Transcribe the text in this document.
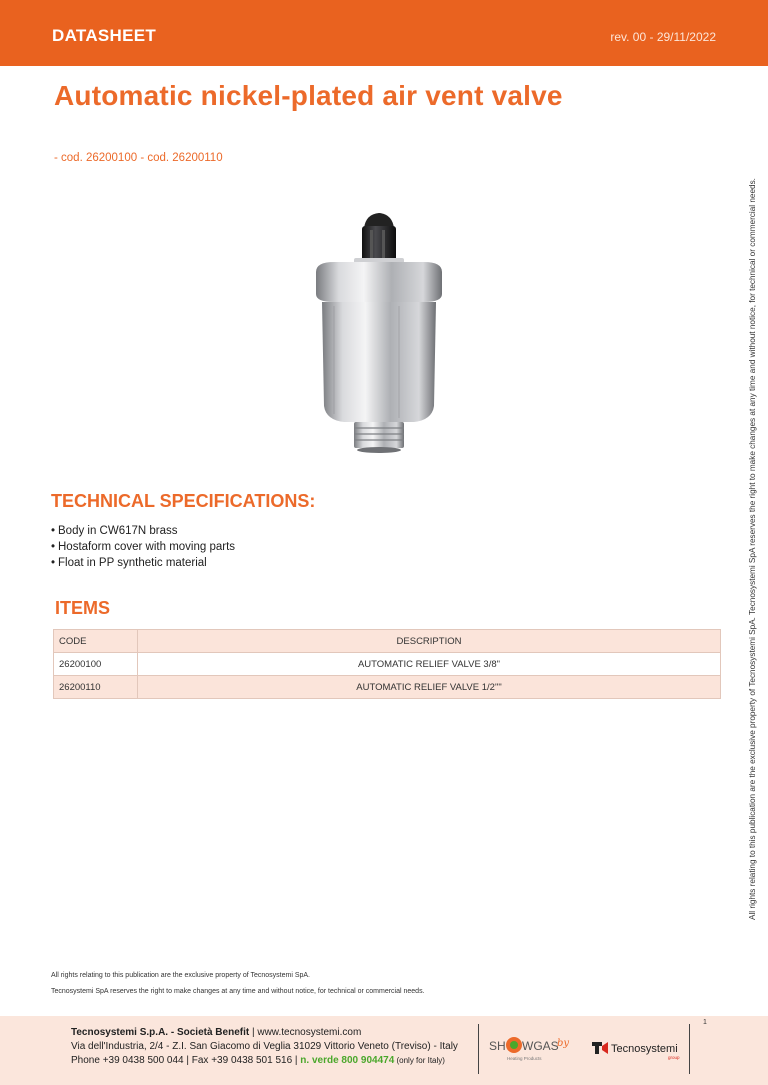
DATASHEET	rev. 00 - 29/11/2022
Automatic nickel-plated air vent valve
- cod. 26200100 - cod. 26200110
All rights relating to this publication are the exclusive property of Tecnosystemi SpA. Tecnosystemi SpA reserves the right to make changes at any time and without notice, for technical or commercial needs.
TECHNICAL SPECIFICATIONS:
• Body in CW617N brass
• Hostaform cover with moving parts
• Float in PP synthetic material
ITEMS
CODE	DESCRIPTION
26200100	AUTOMATIC RELIEF VALVE 3/8"
26200110	AUTOMATIC RELIEF VALVE 1/2""
All rights relating to this publication are the exclusive property of Tecnosystemi SpA.
Tecnosystemi SpA reserves the right to make changes at any time and without notice, for technical or commercial needs.
1
Tecnosystemi S.p.A. - Società Benefit | www.tecnosystemi.com
Via dell'Industria, 2/4 - Z.I. San Giacomo di Veglia 31029 Vittorio Veneto (Treviso) - Italy
Phone +39 0438 500 044 | Fax +39 0438 501 516 | n. verde 800 904474 (only for Italy)
SH WGAS
Heating Products
by	Tecnosystemi
group
